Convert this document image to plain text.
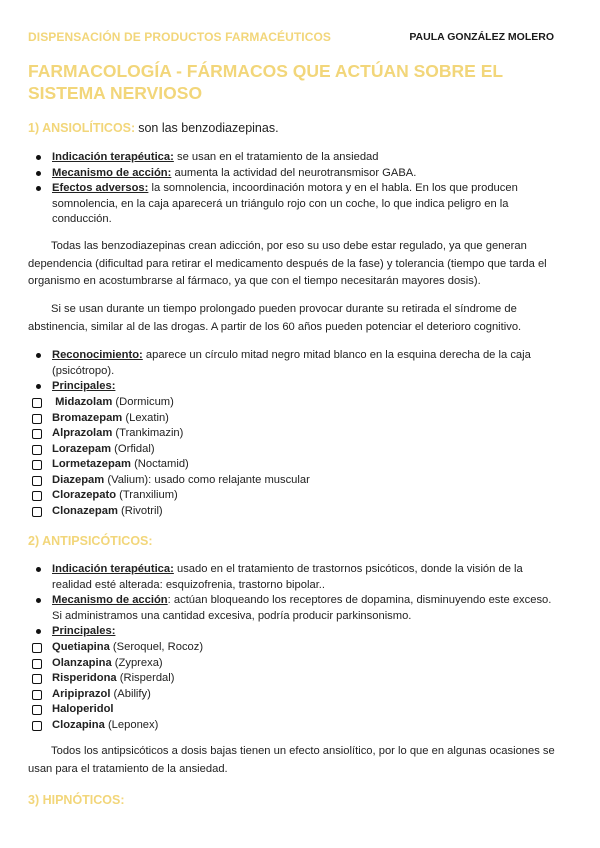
DISPENSACIÓN DE PRODUCTOS FARMACÉUTICOS	PAULA GONZÁLEZ MOLERO
FARMACOLOGÍA - FÁRMACOS QUE ACTÚAN SOBRE EL SISTEMA NERVIOSO
1) ANSIOLÍTICOS: son las benzodiazepinas.
Indicación terapéutica: se usan en el tratamiento de la ansiedad
Mecanismo de acción: aumenta la actividad del neurotransmisor GABA.
Efectos adversos: la somnolencia, incoordinación motora y en el habla. En los que producen somnolencia, en la caja aparecerá un triángulo rojo con un coche, lo que indica peligro en la conducción.

Todas las benzodiazepinas crean adicción, por eso su uso debe estar regulado, ya que generan dependencia (dificultad para retirar el medicamento después de la fase) y tolerancia (tiempo que tarda el organismo en acostumbrarse al fármaco, ya que con el tiempo necesitarán mayores dosis).

Si se usan durante un tiempo prolongado pueden provocar durante su retirada el síndrome de abstinencia, similar al de las drogas. A partir de los 60 años pueden potenciar el deterioro cognitivo.

Reconocimiento: aparece un círculo mitad negro mitad blanco en la esquina derecha de la caja (psicótropo).
Principales:
Midazolam (Dormicum)
Bromazepam (Lexatin)
Alprazolam (Trankimazin)
Lorazepam (Orfidal)
Lormetazepam (Noctamid)
Diazepam (Valium): usado como relajante muscular
Clorazepato (Tranxilium)
Clonazepam (Rivotril)
2) ANTIPSICÓTICOS:
Indicación terapéutica: usado en el tratamiento de trastornos psicóticos, donde la visión de la realidad esté alterada: esquizofrenia, trastorno bipolar..
Mecanismo de acción: actúan bloqueando los receptores de dopamina, disminuyendo este exceso. Si administramos una cantidad excesiva, podría producir parkinsonismo.
Principales:
Quetiapina (Seroquel, Rocoz)
Olanzapina (Zyprexa)
Risperidona (Risperdal)
Aripiprazol (Abilify)
Haloperidol
Clozapina (Leponex)

Todos los antipsicóticos a dosis bajas tienen un efecto ansiolítico, por lo que en algunas ocasiones se usan para el tratamiento de la ansiedad.

3) HIPNÓTICOS:
